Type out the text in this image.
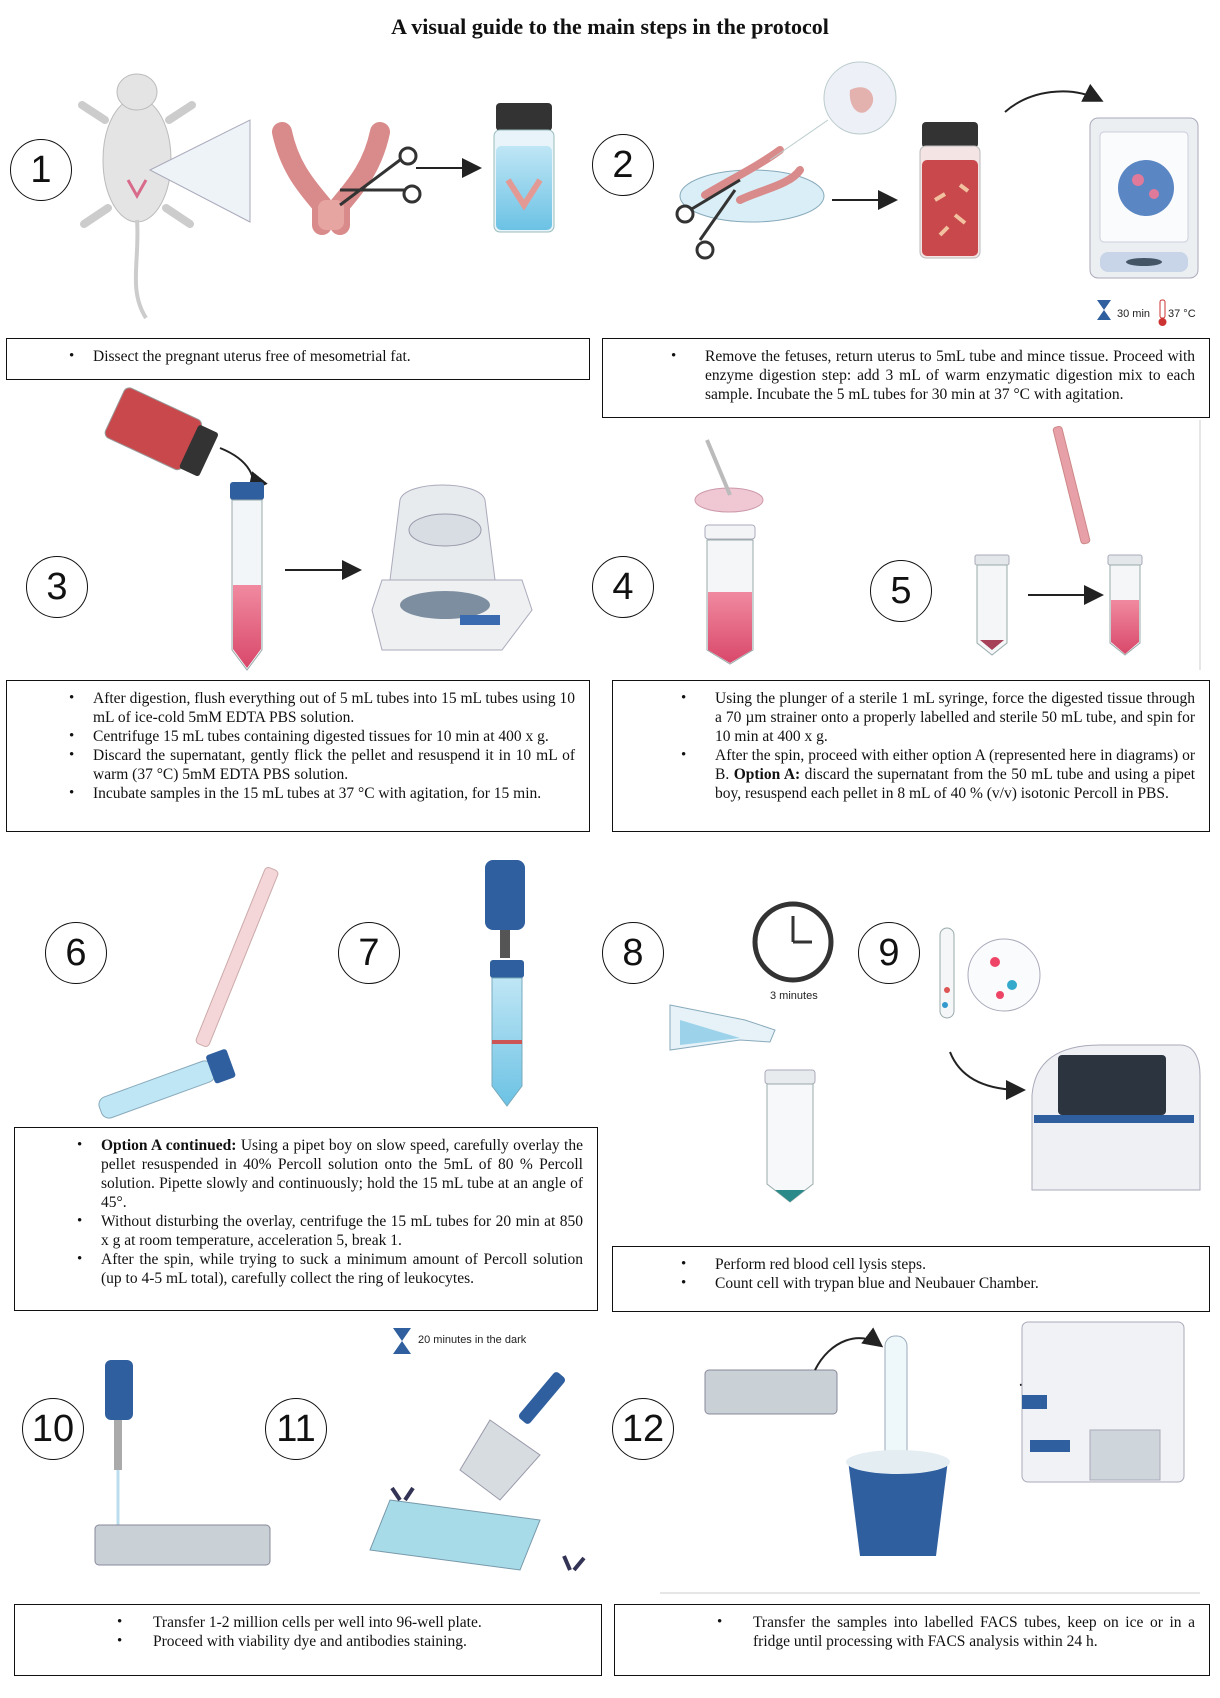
A visual guide to the main steps in the protocol
30 min 37 °C
3 minutes
20 minutes in the dark
1	2
3	4	5
6	7	8	9
10	11	12
• Dissect the pregnant uterus free of mesometrial fat.
•	Remove the fetuses, return uterus to 5mL tube and mince tissue. Proceed with enzyme digestion step: add 3 mL of warm enzymatic digestion mix to each sample. Incubate the 5 mL tubes for 30 min at 37 °C with agitation.
• After digestion, flush everything out of 5 mL tubes into 15 mL tubes using 10 mL of ice-cold 5mM EDTA PBS solution.
• Centrifuge 15 mL tubes containing digested tissues for 10 min at 400 x g.
• Discard the supernatant, gently flick the pellet and resuspend it in 10 mL of warm (37 °C) 5mM EDTA PBS solution.
• Incubate samples in the 15 mL tubes at 37 °C with agitation, for 15 min.
• Using the plunger of a sterile 1 mL syringe, force the digested tissue through a 70 µm strainer onto a properly labelled and sterile 50 mL tube, and spin for 10 min at 400 x g.
• After the spin, proceed with either option A (represented here in diagrams) or B. Option A: discard the supernatant from the 50 mL tube and using a pipet boy, resuspend each pellet in 8 mL of 40 % (v/v) isotonic Percoll in PBS.
• Option A continued: Using a pipet boy on slow speed, carefully overlay the pellet resuspended in 40% Percoll solution onto the 5mL of 80 % Percoll solution. Pipette slowly and continuously; hold the 15 mL tube at an angle of 45°.
• Without disturbing the overlay, centrifuge the 15 mL tubes for 20 min at 850 x g at room temperature, acceleration 5, break 1.
• After the spin, while trying to suck a minimum amount of Percoll solution (up to 4-5 mL total), carefully collect the ring of leukocytes.
• Perform red blood cell lysis steps.
• Count cell with trypan blue and Neubauer Chamber.
• Transfer 1-2 million cells per well into 96-well plate.
• Proceed with viability dye and antibodies staining.
• Transfer the samples into labelled FACS tubes, keep on ice or in a fridge until processing with FACS analysis within 24 h.
